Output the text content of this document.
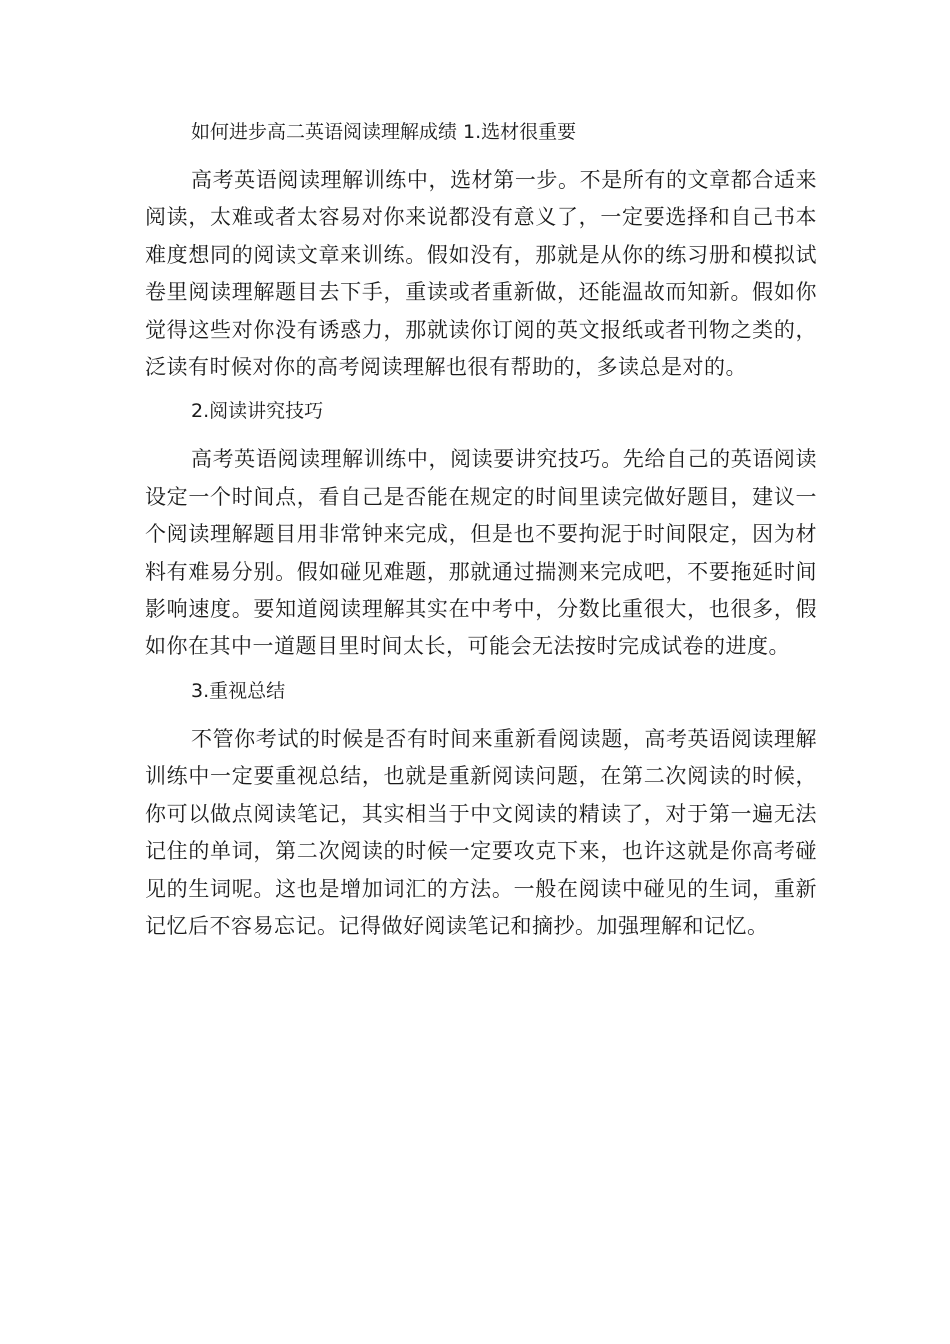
如何进步高二英语阅读理解成绩 1.选材很重要

高考英语阅读理解训练中，选材第一步。不是所有的文章都合适来阅读，太难或者太容易对你来说都没有意义了，一定要选择和自己书本难度想同的阅读文章来训练。假如没有，那就是从你的练习册和模拟试卷里阅读理解题目去下手，重读或者重新做，还能温故而知新。假如你觉得这些对你没有诱惑力，那就读你订阅的英文报纸或者刊物之类的，泛读有时候对你的高考阅读理解也很有帮助的，多读总是对的。

2.阅读讲究技巧

高考英语阅读理解训练中，阅读要讲究技巧。先给自己的英语阅读设定一个时间点，看自己是否能在规定的时间里读完做好题目，建议一个阅读理解题目用非常钟来完成，但是也不要拘泥于时间限定，因为材料有难易分别。假如碰见难题，那就通过揣测来完成吧，不要拖延时间影响速度。要知道阅读理解其实在中考中，分数比重很大，也很多，假如你在其中一道题目里时间太长，可能会无法按时完成试卷的进度。

3.重视总结

不管你考试的时候是否有时间来重新看阅读题，高考英语阅读理解训练中一定要重视总结，也就是重新阅读问题，在第二次阅读的时候，你可以做点阅读笔记，其实相当于中文阅读的精读了，对于第一遍无法记住的单词，第二次阅读的时候一定要攻克下来，也许这就是你高考碰见的生词呢。这也是增加词汇的方法。一般在阅读中碰见的生词，重新记忆后不容易忘记。记得做好阅读笔记和摘抄。加强理解和记忆。
